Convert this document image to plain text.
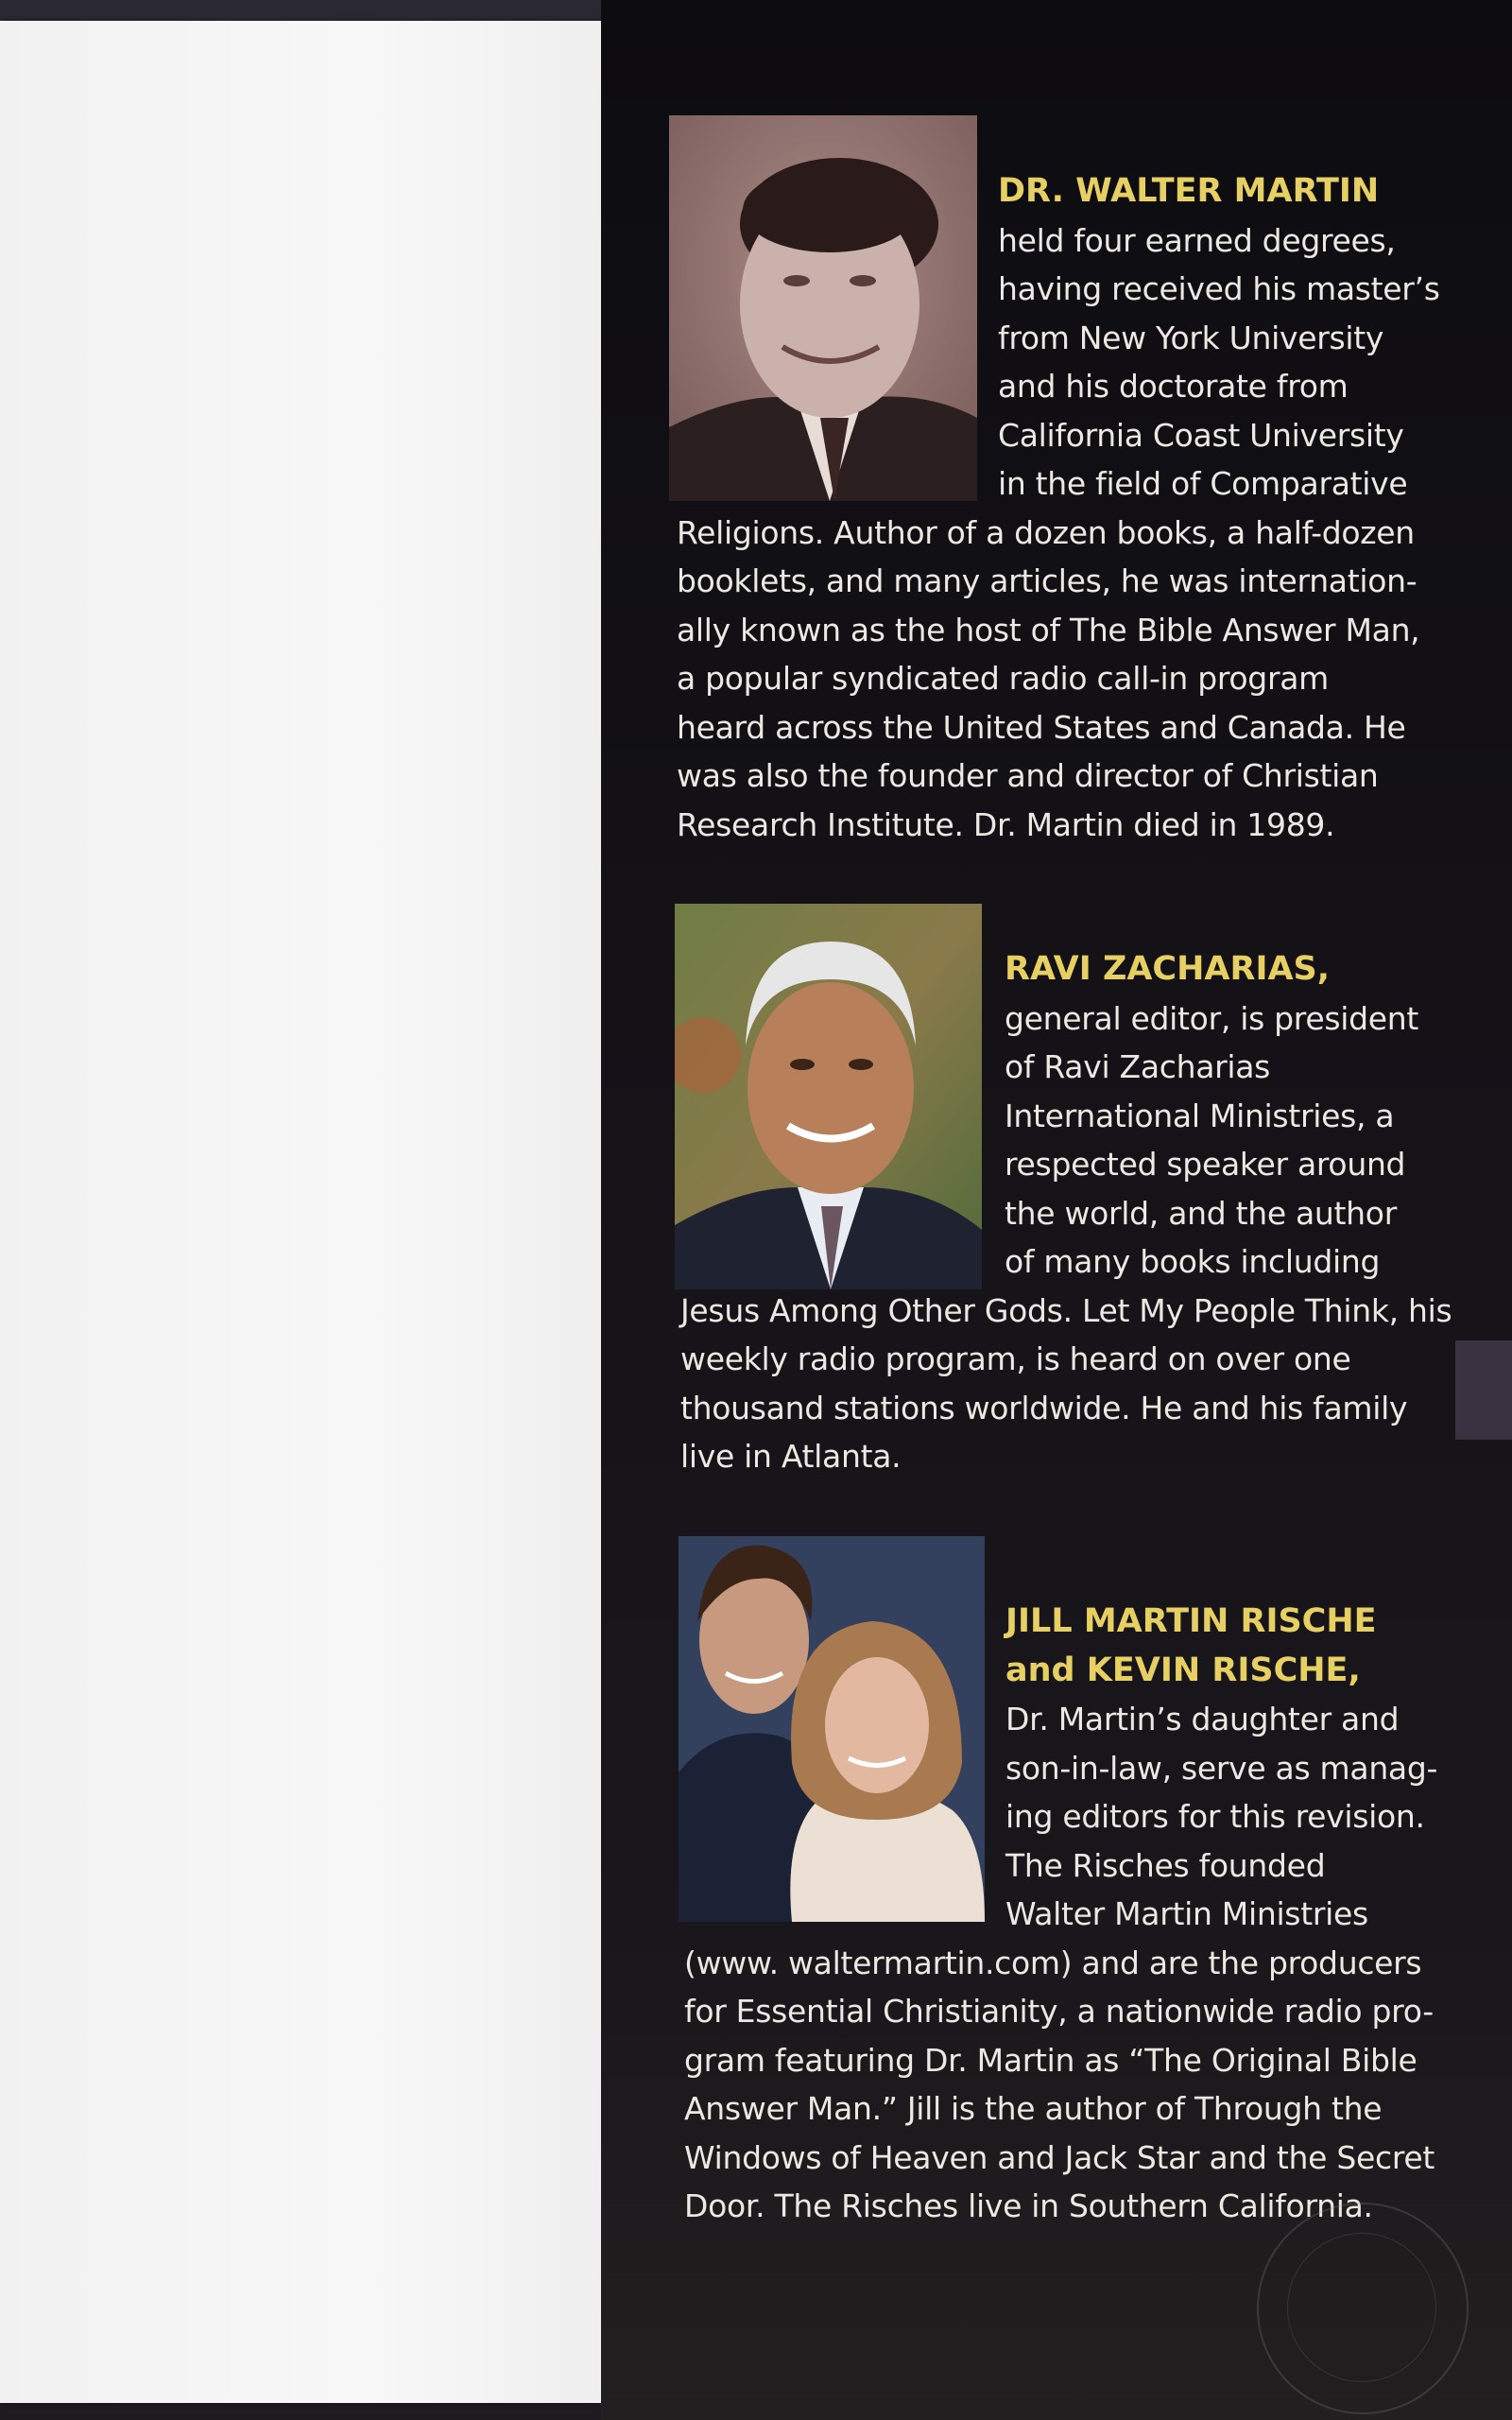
DR. WALTER MARTIN
held four earned degrees,
having received his master’s
from New York University
and his doctorate from
California Coast University
in the field of Comparative
Religions. Author of a dozen books, a half-dozen
booklets, and many articles, he was internation-
ally known as the host of The Bible Answer Man,
a popular syndicated radio call-in program
heard across the United States and Canada. He
was also the founder and director of Christian
Research Institute. Dr. Martin died in 1989.
RAVI ZACHARIAS,
general editor, is president
of Ravi Zacharias
International Ministries, a
respected speaker around
the world, and the author
of many books including
Jesus Among Other Gods. Let My People Think, his
weekly radio program, is heard on over one
thousand stations worldwide. He and his family
live in Atlanta.
JILL MARTIN RISCHE
and KEVIN RISCHE,
Dr. Martin’s daughter and
son-in-law, serve as manag-
ing editors for this revision.
The Risches founded
Walter Martin Ministries
(www. waltermartin.com) and are the producers
for Essential Christianity, a nationwide radio pro-
gram featuring Dr. Martin as “The Original Bible
Answer Man.” Jill is the author of Through the
Windows of Heaven and Jack Star and the Secret
Door. The Risches live in Southern California.
